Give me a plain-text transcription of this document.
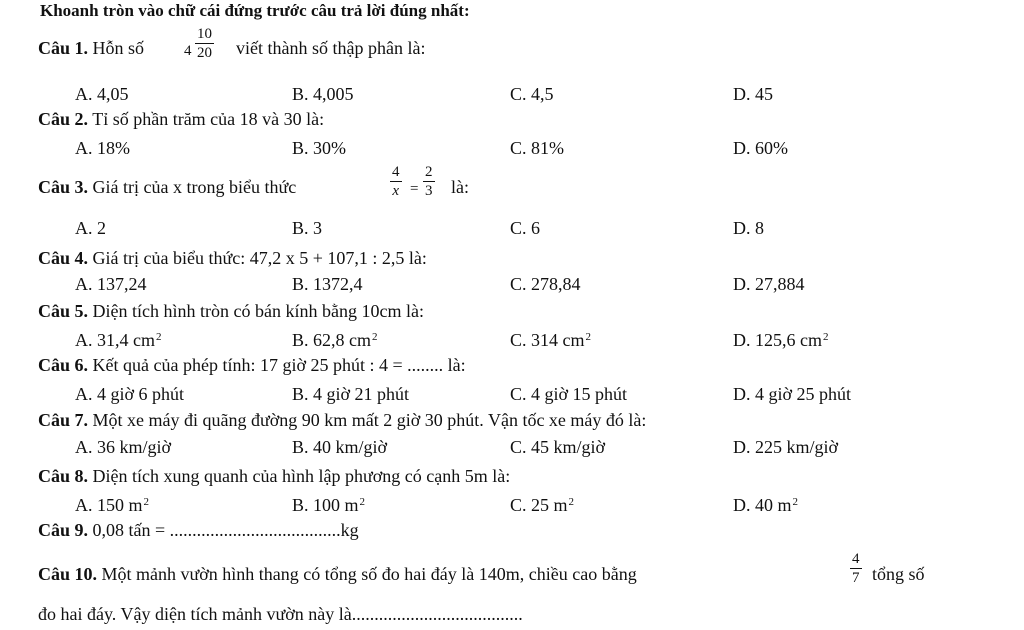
Khoanh tròn vào chữ cái đứng trước câu trả lời đúng nhất:
Câu 1. Hỗn số	$4 \frac{10}{20}$ viết thành số thập phân là:
A. 4,05	B. 4,005	C. 4,5	D. 45
Câu 2. Tỉ số phần trăm của 18 và 30 là:
A. 18%	B. 30%	C. 81%	D. 60%
Câu 3. Giá trị của x trong biểu thức	$\frac{4}{x} = \frac{2}{3}$ là:
A. 2	B. 3	C. 6	D. 8
Câu 4. Giá trị của biểu thức: 47,2 x 5 + 107,1 : 2,5 là:
A. 137,24	B. 1372,4	C. 278,84	D. 27,884
Câu 5. Diện tích hình tròn có bán kính bằng 10cm là:
A. 31,4 $cm^2$	B. 62,8 $cm^2$	C. 314 $cm^2$	D. 125,6 $cm^2$
Câu 6. Kết quả của phép tính: 17 giờ 25 phút : 4 = ........ là:
A. 4 giờ 6 phút	B. 4 giờ 21 phút	C. 4 giờ 15 phút	D. 4 giờ 25 phút
Câu 7. Một xe máy đi quãng đường 90 km mất 2 giờ 30 phút. Vận tốc xe máy đó là:
A. 36 km/giờ	B. 40 km/giờ	C. 45 km/giờ	D. 225 km/giờ
Câu 8. Diện tích xung quanh của hình lập phương có cạnh 5m là:
A. 150 $m^2$	B. 100 $m^2$	C. 25 $m^2$	D. 40 $m^2$
Câu 9. 0,08 tấn = ......................................kg
Câu 10. Một mảnh vườn hình thang có tổng số đo hai đáy là 140m, chiều cao bằng	$\frac{4}{7}$ tổng số
đo hai đáy. Vậy diện tích mảnh vườn này là......................................
